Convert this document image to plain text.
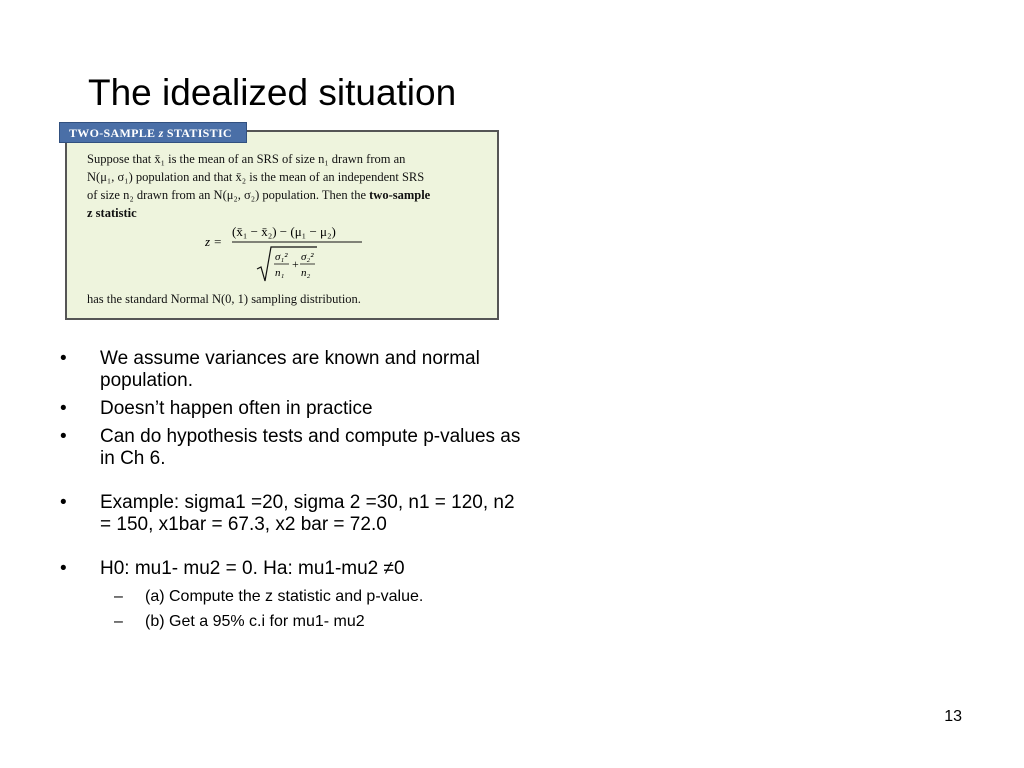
The idealized situation
TWO-SAMPLE z STATISTIC
Suppose that x̄₁ is the mean of an SRS of size n₁ drawn from an
N(μ₁, σ₁) population and that x̄₂ is the mean of an independent SRS
of size n₂ drawn from an N(μ₂, σ₂) population. Then the two-sample
z statistic
z =
(x̄₁ − x̄₂) − (μ₁ − μ₂)
σ₁²
n₁
+ σ₂²
n₂
has the standard Normal N(0, 1) sampling distribution.
• We assume variances are known and normal population.
• Doesn’t happen often in practice
• Can do hypothesis tests and compute p-values as in Ch 6.
• Example: sigma1 =20, sigma 2 =30, n1 = 120, n2 = 150, x1bar = 67.3, x2 bar = 72.0
• H0: mu1- mu2 = 0. Ha: mu1-mu2 ≠0
– (a) Compute the z statistic and p-value.
– (b) Get a 95% c.i for mu1- mu2
13
